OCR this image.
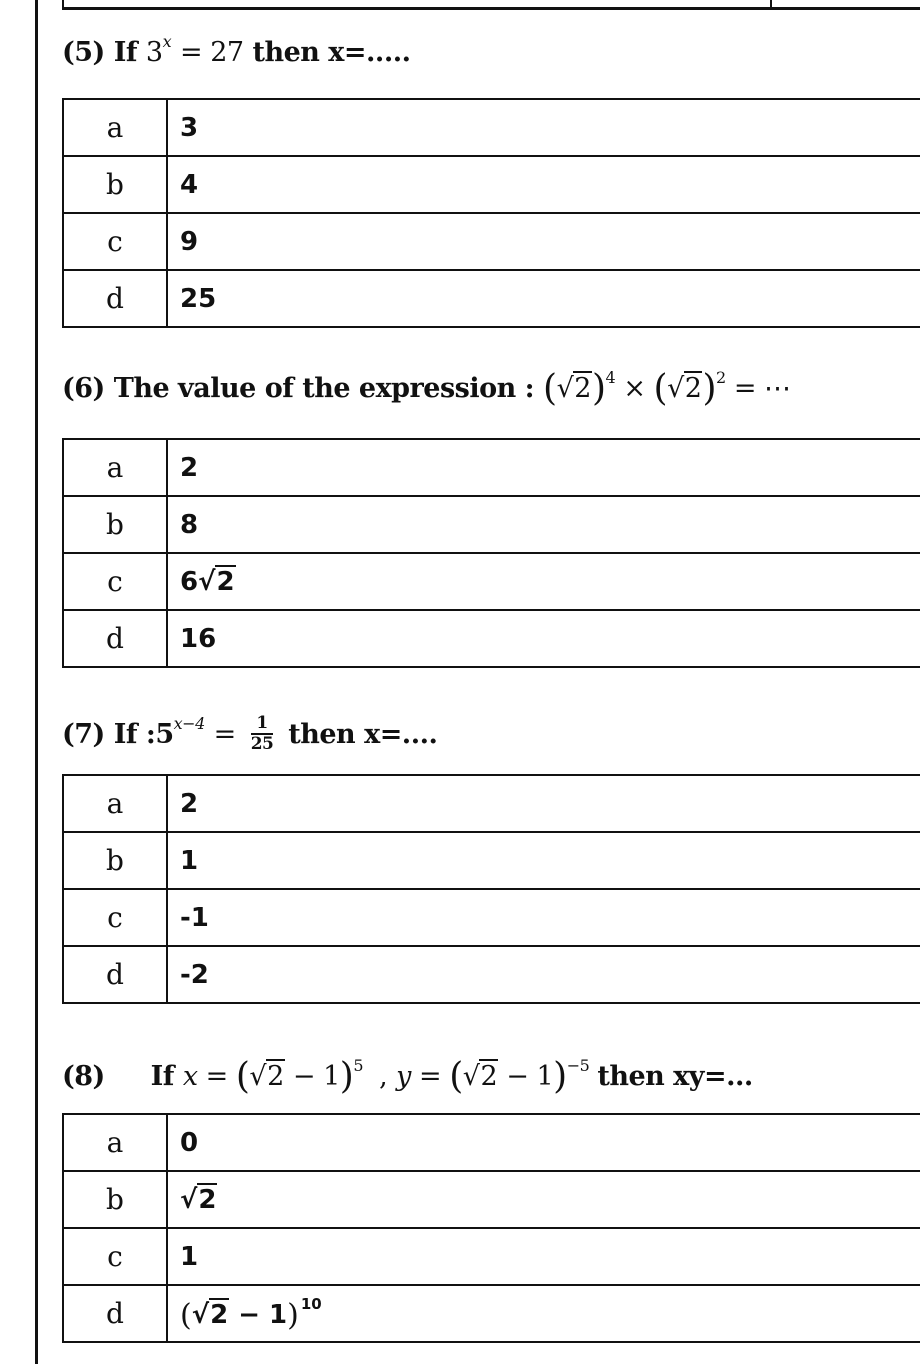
(5) If $3^x = 27$ then x=.....
a	3
b	4
c	9
d	25
(6) The value of the expression : $(√2)^4 \times (√2)^2$ = ⋯
a	2
b	8
c	6√2
d	16
(7) If $:5^{x-4} = \frac{1}{25}$ then x=....
a	2
b	1
c	-1
d	-2
(8) If $x = (√2 - 1)^5$ , $y = (√2 - 1)^{-5}$ then xy=...
a	0
b	√2
c	1
d	(√2 − 1) $^{10}$
